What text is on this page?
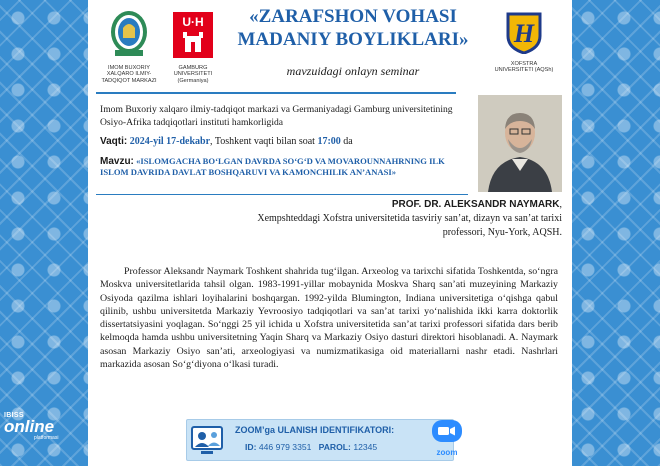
IMOM BUXORIY XALQARO ILMIY-TADQIQOT MARKAZI
U·H
GAMBURG UNIVERSITETI (Germaniya)
«ZARAFSHON VOHASI MADANIY BOYLIKLARI»
mavzuidagi onlayn seminar
H
XOFSTRA UNIVERSITETI (AQSh)
Imom Buxoriy xalqaro ilmiy-tadqiqot markazi va Germaniyadagi Gamburg universitetining Osiyo-Afrika tadqiqotlari instituti hamkorligida
Vaqti: 2024-yil 17-dekabr, Toshkent vaqti bilan soat 17:00 da
Mavzu: «ISLOMGACHA BO‘LGAN DAVRDA SO‘G‘D VA MOVAROUNNAHRNING ILK ISLOM DAVRIDA DAVLAT BOSHQARUVI VA KAMONCHILIK AN’ANASI»
PROF. DR. ALEKSANDR NAYMARK,
Xempshteddagi Xofstra universitetida tasviriy san’at, dizayn va san’at tarixi professori, Nyu-York, AQSH.
Professor Aleksandr Naymark Toshkent shahrida tug‘ilgan. Arxeolog va tarixchi sifatida Toshkentda, so‘ngra Moskva universitetlarida tahsil olgan. 1983-1991-yillar mobaynida Moskva Sharq san’ati muzeyining Markaziy Osiyoda qazilma ishlari loyihalarini boshqargan. 1992-yilda Blumington, Indiana universitetiga o‘qishga qabul qilinib, ushbu universitetda Markaziy Yevroosiyo tadqiqotlari va san’at tarixi yo‘nalishida ikki karra doktorlik dissertatsiyasini yoqlagan. So‘nggi 25 yil ichida u Xofstra universitetida san’at tarixi professori sifatida dars berib kelmoqda hamda ushbu universitetning Yaqin Sharq va Markaziy Osiyo dasturi direktori hisoblanadi. A. Naymark asosan Markaziy Osiyo san’ati, arxeologiyasi va numizmatikasiga oid materiallarni nashr etadi. Nashrlari markazida asosan So‘g‘diyona o‘lkasi turadi.
ZOOM’ga ULANISH IDENTIFIKATORI:
ID: 446 979 3351 PAROL: 12345
zoom
IBISS
online
platformasi
